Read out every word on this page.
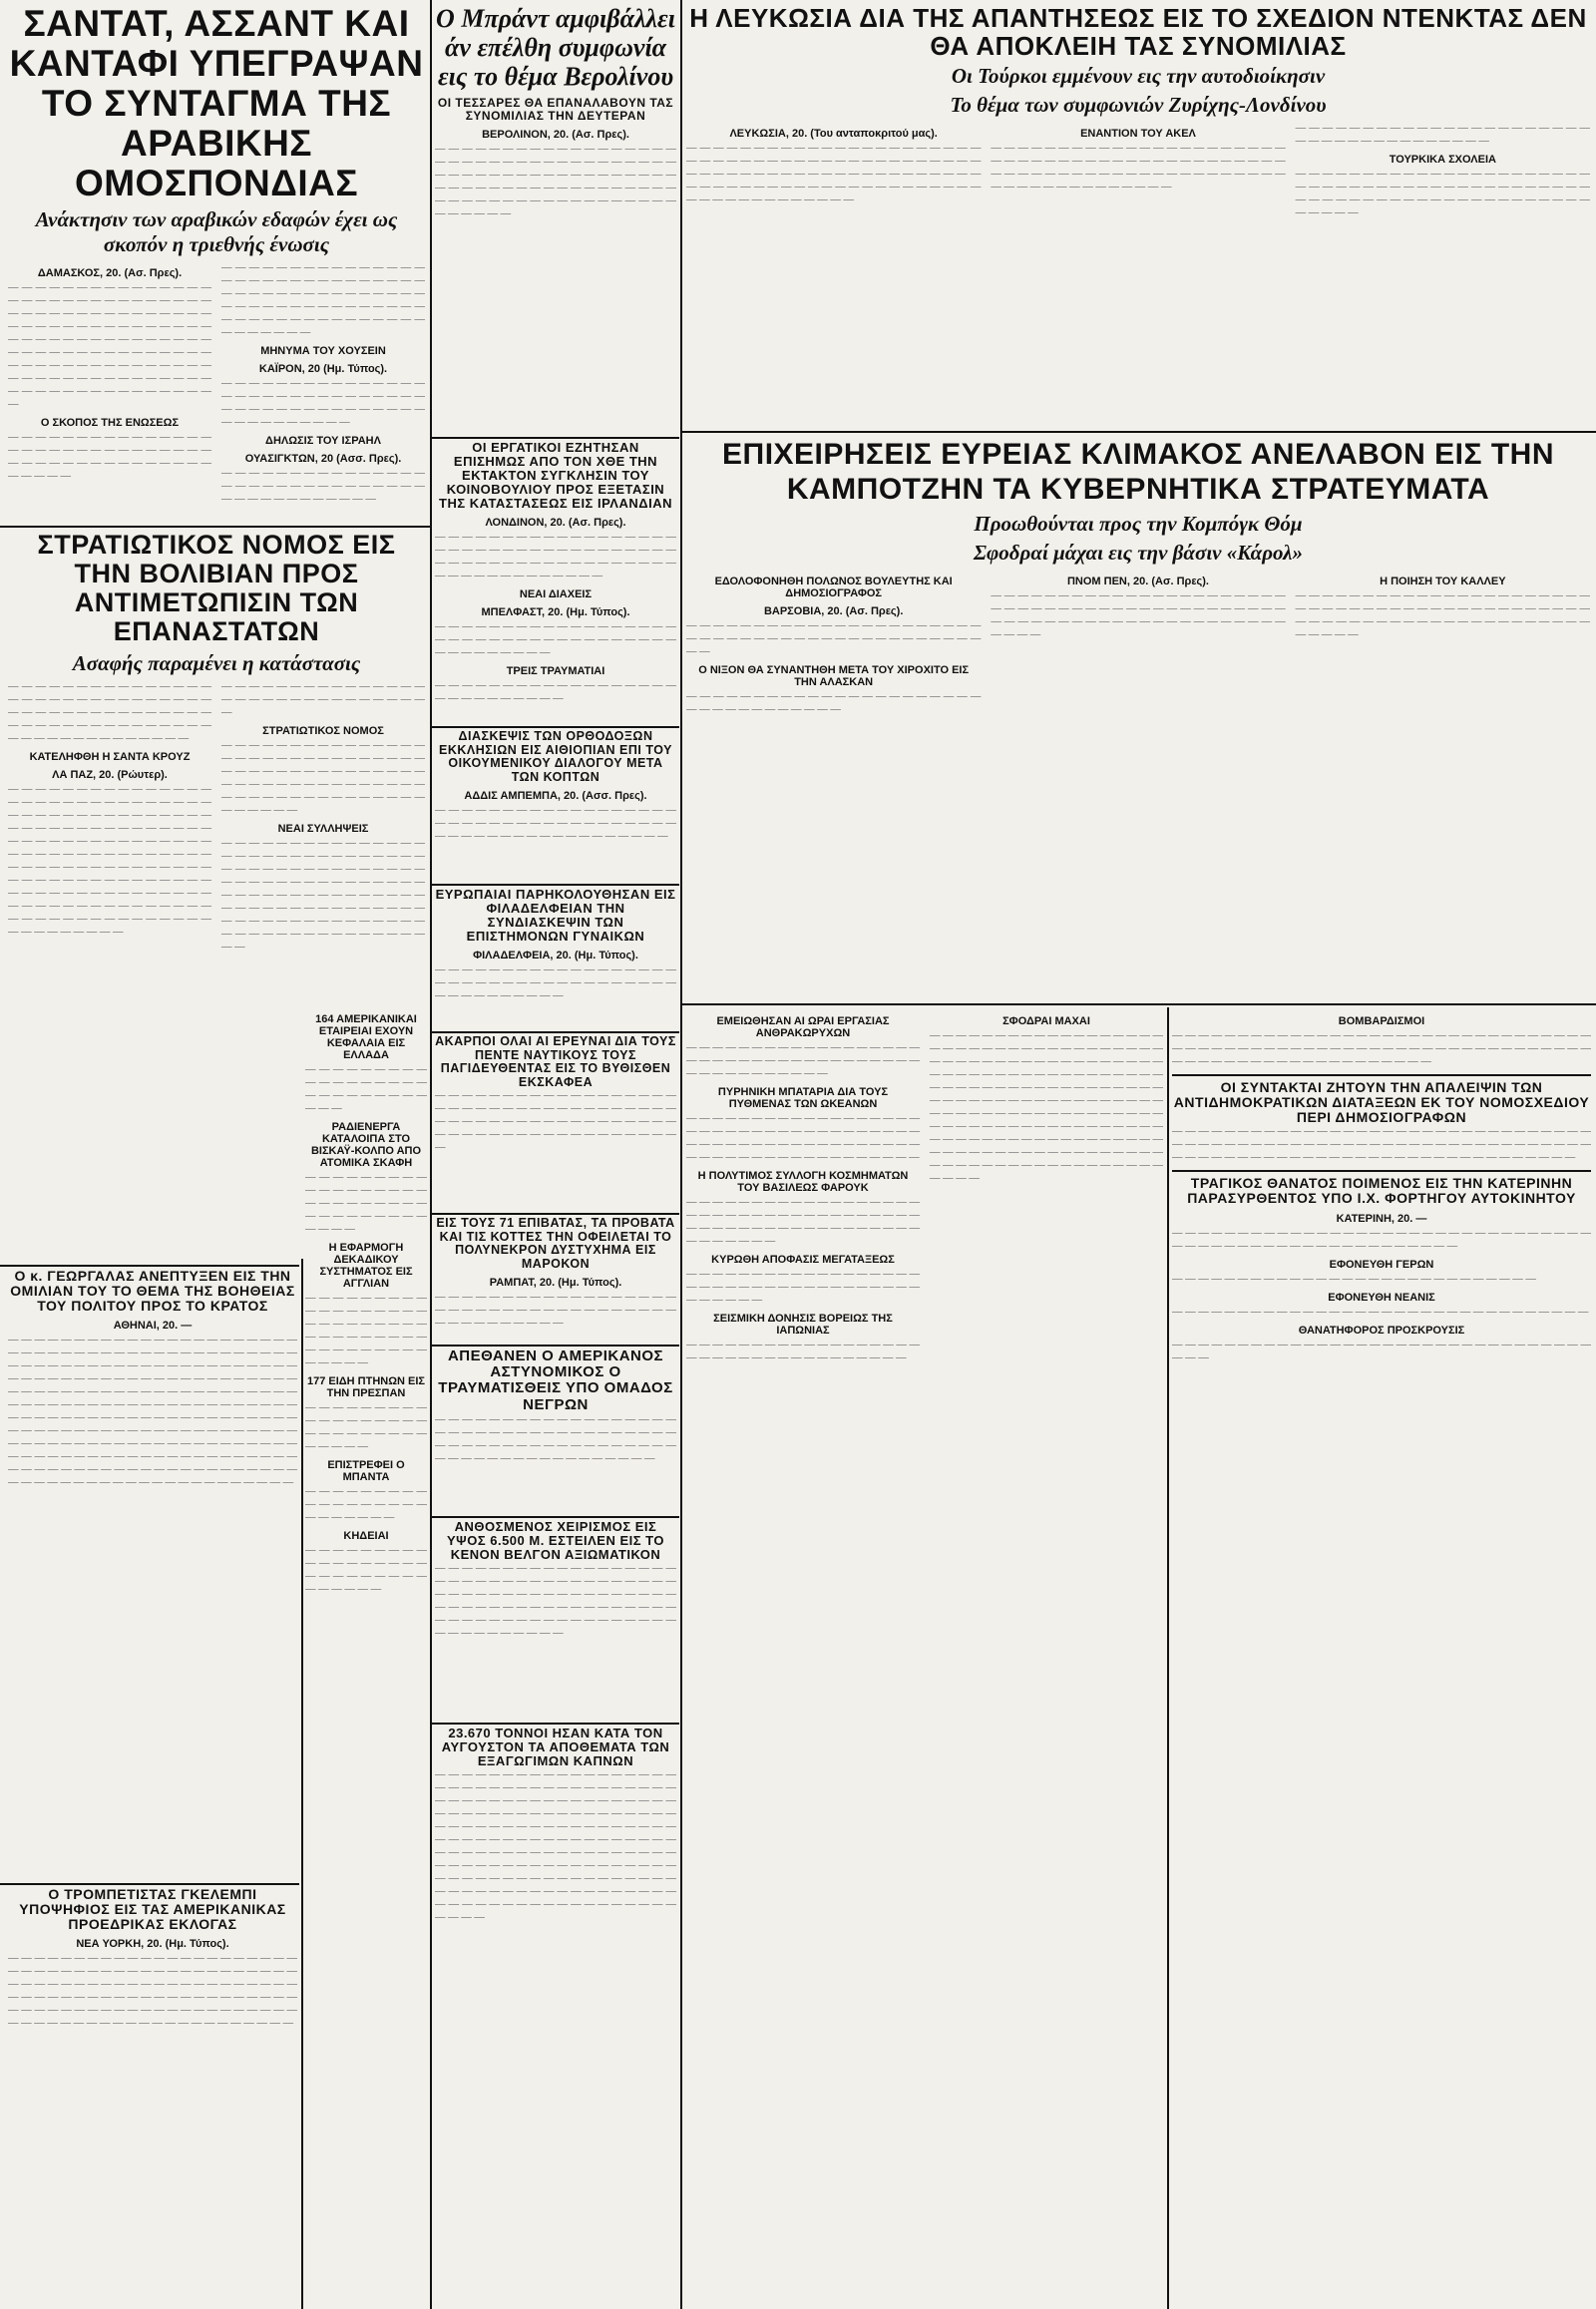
ΣΑΝΤΑΤ, ΑΣΣΑΝΤ ΚΑΙ ΚΑΝΤΑΦΙ ΥΠΕΓΡΑΨΑΝ ΤΟ ΣΥΝΤΑΓΜΑ ΤΗΣ ΑΡΑΒΙΚΗΣ ΟΜΟΣΠΟΝΔΙΑΣ
Ανάκτησιν των αραβικών εδαφών έχει ως σκοπόν η τριεθνής ένωσις
ΔΑΜΑΣΚΟΣ, 20. (Ασ. Πρες).

— — — — — — — — — — — — — — — — — — — — — — — — — — — — — — — — — — — — — — — — — — — — — — — — — — — — — — — — — — — — — — — — — — — — — — — — — — — — — — — — — — — — — — — — — — — — — — — — — — — — — — — — — — — — — — — — — — — — — — — — — — — — — — — — — — — — — — — —

Ο ΣΚΟΠΟΣ ΤΗΣ ΕΝΩΣΕΩΣ

— — — — — — — — — — — — — — — — — — — — — — — — — — — — — — — — — — — — — — — — — — — — — — — — — —

— — — — — — — — — — — — — — — — — — — — — — — — — — — — — — — — — — — — — — — — — — — — — — — — — — — — — — — — — — — — — — — — — — — — — — — — — — — — — — — — — —

ΜΗΝΥΜΑ ΤΟΥ ΧΟΥΣΕΙΝ
ΚΑΪΡΟΝ, 20 (Ημ. Τύπος).

— — — — — — — — — — — — — — — — — — — — — — — — — — — — — — — — — — — — — — — — — — — — — — — — — — — — — — —

ΔΗΛΩΣΙΣ ΤΟΥ ΙΣΡΑΗΛ
ΟΥΑΣΙΓΚΤΩΝ, 20 (Ασσ. Πρες).

— — — — — — — — — — — — — — — — — — — — — — — — — — — — — — — — — — — — — — — — — —

ΣΤΡΑΤΙΩΤΙΚΟΣ ΝΟΜΟΣ ΕΙΣ ΤΗΝ ΒΟΛΙΒΙΑΝ ΠΡΟΣ ΑΝΤΙΜΕΤΩΠΙΣΙΝ ΤΩΝ ΕΠΑΝΑΣΤΑΤΩΝ
Ασαφής παραμένει η κατάστασις

— — — — — — — — — — — — — — — — — — — — — — — — — — — — — — — — — — — — — — — — — — — — — — — — — — — — — — — — — — — — — — — — — — — — — — — — — —

ΚΑΤΕΛΗΦΘΗ Η ΣΑΝΤΑ ΚΡΟΥΖ
ΛΑ ΠΑΖ, 20. (Ρώυτερ).

— — — — — — — — — — — — — — — — — — — — — — — — — — — — — — — — — — — — — — — — — — — — — — — — — — — — — — — — — — — — — — — — — — — — — — — — — — — — — — — — — — — — — — — — — — — — — — — — — — — — — — — — — — — — — — — — — — — — — — — — — — — — — — — — — — — — — — — — — — — — — — — — — — — — — — — — — — — — — — — — — — — — — — — — — — — — — —

— — — — — — — — — — — — — — — — — — — — — — — — — — — — — — —

ΣΤΡΑΤΙΩΤΙΚΟΣ ΝΟΜΟΣ

— — — — — — — — — — — — — — — — — — — — — — — — — — — — — — — — — — — — — — — — — — — — — — — — — — — — — — — — — — — — — — — — — — — — — — — — — — — — — — — — —

ΝΕΑΙ ΣΥΛΛΗΨΕΙΣ

— — — — — — — — — — — — — — — — — — — — — — — — — — — — — — — — — — — — — — — — — — — — — — — — — — — — — — — — — — — — — — — — — — — — — — — — — — — — — — — — — — — — — — — — — — — — — — — — — — — — — — — — — — — — — — — — — — — — — — — — — —

Ο κ. ΓΕΩΡΓΑΛΑΣ ΑΝΕΠΤΥΞΕΝ ΕΙΣ ΤΗΝ ΟΜΙΛΙΑΝ ΤΟΥ ΤΟ ΘΕΜΑ ΤΗΣ ΒΟΗΘΕΙΑΣ ΤΟΥ ΠΟΛΙΤΟΥ ΠΡΟΣ ΤΟ ΚΡΑΤΟΣ
ΑΘΗΝΑΙ, 20. —

— — — — — — — — — — — — — — — — — — — — — — — — — — — — — — — — — — — — — — — — — — — — — — — — — — — — — — — — — — — — — — — — — — — — — — — — — — — — — — — — — — — — — — — — — — — — — — — — — — — — — — — — — — — — — — — — — — — — — — — — — — — — — — — — — — — — — — — — — — — — — — — — — — — — — — — — — — — — — — — — — — — — — — — — — — — — — — — — — — — — — — — — — — — — — — — — — — — — — — — — — — — — — — — — — — — — — — — — — — — — — — — — — — — — — — — — — — — — — — — — — — — — — — — — — — — — — — — — — — — — — — — —

164 ΑΜΕΡΙΚΑΝΙΚΑΙ ΕΤΑΙΡΕΙΑΙ ΕΧΟΥΝ ΚΕΦΑΛΑΙΑ ΕΙΣ ΕΛΛΑΔΑ

— — — — — — — — — — — — — — — — — — — — — — — — — — — — — —

ΡΑΔΙΕΝΕΡΓΑ ΚΑΤΑΛΟΙΠΑ ΣΤΟ ΒΙΣΚΑΫ-ΚΟΛΠΟ ΑΠΟ ΑΤΟΜΙΚΑ ΣΚΑΦΗ

— — — — — — — — — — — — — — — — — — — — — — — — — — — — — — — — — — — — — — — —

Η ΕΦΑΡΜΟΓΗ ΔΕΚΑΔΙΚΟΥ ΣΥΣΤΗΜΑΤΟΣ ΕΙΣ ΑΓΓΛΙΑΝ

— — — — — — — — — — — — — — — — — — — — — — — — — — — — — — — — — — — — — — — — — — — — — — — — — —

177 ΕΙΔΗ ΠΤΗΝΩΝ ΕΙΣ ΤΗΝ ΠΡΕΣΠΑΝ

— — — — — — — — — — — — — — — — — — — — — — — — — — — — — — — —

ΕΠΙΣΤΡΕΦΕΙ Ο ΜΠΑΝΤΑ

— — — — — — — — — — — — — — — — — — — — — — — — —

ΚΗΔΕΙΑΙ

— — — — — — — — — — — — — — — — — — — — — — — — — — — — — — — — —

Ο ΤΡΟΜΠΕΤΙΣΤΑΣ ΓΚΕΛΕΜΠΙ ΥΠΟΨΗΦΙΟΣ ΕΙΣ ΤΑΣ ΑΜΕΡΙΚΑΝΙΚΑΣ ΠΡΟΕΔΡΙΚΑΣ ΕΚΛΟΓΑΣ
ΝΕΑ ΥΟΡΚΗ, 20. (Ημ. Τύπος).

— — — — — — — — — — — — — — — — — — — — — — — — — — — — — — — — — — — — — — — — — — — — — — — — — — — — — — — — — — — — — — — — — — — — — — — — — — — — — — — — — — — — — — — — — — — — — — — — — — — — — — — — — — — — — — — — — — — — — — — — — — — — — — — — — — — —

Ο Μπράντ αμφιβάλλει άν επέλθη συμφωνία εις το θέμα Βερολίνου
ΟΙ ΤΕΣΣΑΡΕΣ ΘΑ ΕΠΑΝΑΛΑΒΟΥΝ ΤΑΣ ΣΥΝΟΜΙΛΙΑΣ ΤΗΝ ΔΕΥΤΕΡΑΝ
ΒΕΡΟΛΙΝΟΝ, 20. (Ασ. Πρες).

— — — — — — — — — — — — — — — — — — — — — — — — — — — — — — — — — — — — — — — — — — — — — — — — — — — — — — — — — — — — — — — — — — — — — — — — — — — — — — — — — — — — — — — — — — — — — — — —

ΟΙ ΕΡΓΑΤΙΚΟΙ ΕΖΗΤΗΣΑΝ ΕΠΙΣΗΜΩΣ ΑΠΟ ΤΟΝ ΧΘΕ ΤΗΝ ΕΚΤΑΚΤΟΝ ΣΥΓΚΛΗΣΙΝ ΤΟΥ ΚΟΙΝΟΒΟΥΛΙΟΥ ΠΡΟΣ ΕΞΕΤΑΣΙΝ ΤΗΣ ΚΑΤΑΣΤΑΣΕΩΣ ΕΙΣ ΙΡΛΑΝΔΙΑΝ
ΛΟΝΔΙΝΟΝ, 20. (Ασ. Πρες).

— — — — — — — — — — — — — — — — — — — — — — — — — — — — — — — — — — — — — — — — — — — — — — — — — — — — — — — — — — — — — — — — — — —

ΝΕΑΙ ΔΙΑΧΕΙΣ
ΜΠΕΛΦΑΣΤ, 20. (Ημ. Τύπος).

— — — — — — — — — — — — — — — — — — — — — — — — — — — — — — — — — — — — — — — — — — — — —

ΤΡΕΙΣ ΤΡΑΥΜΑΤΙΑΙ

— — — — — — — — — — — — — — — — — — — — — — — — — — — —

ΔΙΑΣΚΕΨΙΣ ΤΩΝ ΟΡΘΟΔΟΞΩΝ ΕΚΚΛΗΣΙΩΝ ΕΙΣ ΑΙΘΙΟΠΙΑΝ ΕΠΙ ΤΟΥ ΟΙΚΟΥΜΕΝΙΚΟΥ ΔΙΑΛΟΓΟΥ ΜΕΤΑ ΤΩΝ ΚΟΠΤΩΝ
ΑΔΔΙΣ ΑΜΠΕΜΠΑ, 20. (Ασσ. Πρες).

— — — — — — — — — — — — — — — — — — — — — — — — — — — — — — — — — — — — — — — — — — — — — — — — — — — — — —

ΕΥΡΩΠΑΙΑΙ ΠΑΡΗΚΟΛΟΥΘΗΣΑΝ ΕΙΣ ΦΙΛΑΔΕΛΦΕΙΑΝ ΤΗΝ ΣΥΝΔΙΑΣΚΕΨΙΝ ΤΩΝ ΕΠΙΣΤΗΜΟΝΩΝ ΓΥΝΑΙΚΩΝ
ΦΙΛΑΔΕΛΦΕΙΑ, 20. (Ημ. Τύπος).

— — — — — — — — — — — — — — — — — — — — — — — — — — — — — — — — — — — — — — — — — — — — — —

ΑΚΑΡΠΟΙ ΟΛΑΙ ΑΙ ΕΡΕΥΝΑΙ ΔΙΑ ΤΟΥΣ ΠΕΝΤΕ ΝΑΥΤΙΚΟΥΣ ΤΟΥΣ ΠΑΓΙΔΕΥΘΕΝΤΑΣ ΕΙΣ ΤΟ ΒΥΘΙΣΘΕΝ ΕΚΣΚΑΦΕΑ

— — — — — — — — — — — — — — — — — — — — — — — — — — — — — — — — — — — — — — — — — — — — — — — — — — — — — — — — — — — — — — — — — — — — — — — — —

ΕΙΣ ΤΟΥΣ 71 ΕΠΙΒΑΤΑΣ, ΤΑ ΠΡΟΒΑΤΑ ΚΑΙ ΤΙΣ ΚΟΤΤΕΣ ΤΗΝ ΟΦΕΙΛΕΤΑΙ ΤΟ ΠΟΛΥΝΕΚΡΟΝ ΔΥΣΤΥΧΗΜΑ ΕΙΣ ΜΑΡΟΚΟΝ
ΡΑΜΠΑΤ, 20. (Ημ. Τύπος).

— — — — — — — — — — — — — — — — — — — — — — — — — — — — — — — — — — — — — — — — — — — — — —

ΑΠΕΘΑΝΕΝ Ο ΑΜΕΡΙΚΑΝΟΣ ΑΣΤΥΝΟΜΙΚΟΣ Ο ΤΡΑΥΜΑΤΙΣΘΕΙΣ ΥΠΟ ΟΜΑΔΟΣ ΝΕΓΡΩΝ

— — — — — — — — — — — — — — — — — — — — — — — — — — — — — — — — — — — — — — — — — — — — — — — — — — — — — — — — — — — — — — — — — — — — — — —

ΑΝΘΟΣΜΕΝΟΣ ΧΕΙΡΙΣΜΟΣ ΕΙΣ ΥΨΟΣ 6.500 Μ. ΕΣΤΕΙΛΕΝ ΕΙΣ ΤΟ ΚΕΝΟΝ ΒΕΛΓΟΝ ΑΞΙΩΜΑΤΙΚΟΝ

— — — — — — — — — — — — — — — — — — — — — — — — — — — — — — — — — — — — — — — — — — — — — — — — — — — — — — — — — — — — — — — — — — — — — — — — — — — — — — — — — — — — — — — — — — — — — — — — — — — —

23.670 ΤΟΝΝΟΙ ΗΣΑΝ ΚΑΤΑ ΤΟΝ ΑΥΓΟΥΣΤΟΝ ΤΑ ΑΠΟΘΕΜΑΤΑ ΤΩΝ ΕΞΑΓΩΓΙΜΩΝ ΚΑΠΝΩΝ

— — — — — — — — — — — — — — — — — — — — — — — — — — — — — — — — — — — — — — — — — — — — — — — — — — — — — — — — — — — — — — — — — — — — — — — — — — — — — — — — — — — — — — — — — — — — — — — — — — — — — — — — — — — — — — — — — — — — — — — — — — — — — — — — — — — — — — — — — — — — — — — — — — — — — — — — — — — — — — — — — — — — — — — — — — — — — — — — — — — — — — — — — — — — — — — — — — — — — — — — — —

Η ΛΕΥΚΩΣΙΑ ΔΙΑ ΤΗΣ ΑΠΑΝΤΗΣΕΩΣ ΕΙΣ ΤΟ ΣΧΕΔΙΟΝ ΝΤΕΝΚΤΑΣ ΔΕΝ ΘΑ ΑΠΟΚΛΕΙΗ ΤΑΣ ΣΥΝΟΜΙΛΙΑΣ
Οι Τούρκοι εμμένουν εις την αυτοδιοίκησιν
Το θέμα των συμφωνιών Ζυρίχης-Λονδίνου
ΛΕΥΚΩΣΙΑ, 20. (Του ανταποκριτού μας).

— — — — — — — — — — — — — — — — — — — — — — — — — — — — — — — — — — — — — — — — — — — — — — — — — — — — — — — — — — — — — — — — — — — — — — — — — — — — — — — — — — — — — — — — — — — — — — — — — — — — —

ΕΝΑΝΤΙΟΝ ΤΟΥ ΑΚΕΛ

— — — — — — — — — — — — — — — — — — — — — — — — — — — — — — — — — — — — — — — — — — — — — — — — — — — — — — — — — — — — — — — — — — — — — — — — — — — — — — — —

— — — — — — — — — — — — — — — — — — — — — — — — — — — — — — — — — — — — —

ΤΟΥΡΚΙΚΑ ΣΧΟΛΕΙΑ

— — — — — — — — — — — — — — — — — — — — — — — — — — — — — — — — — — — — — — — — — — — — — — — — — — — — — — — — — — — — — — — — — — — — — — —

ΕΠΙΧΕΙΡΗΣΕΙΣ ΕΥΡΕΙΑΣ ΚΛΙΜΑΚΟΣ ΑΝΕΛΑΒΟΝ ΕΙΣ ΤΗΝ ΚΑΜΠΟΤΖΗΝ ΤΑ ΚΥΒΕΡΝΗΤΙΚΑ ΣΤΡΑΤΕΥΜΑΤΑ
Προωθούνται προς την Κομπόγκ Θόμ
Σφοδραί μάχαι εις την βάσιν «Κάρολ»
ΕΔΟΛΟΦΟΝΗΘΗ ΠΟΛΩΝΟΣ ΒΟΥΛΕΥΤΗΣ ΚΑΙ ΔΗΜΟΣΙΟΓΡΑΦΟΣ
ΒΑΡΣΟΒΙΑ, 20. (Ασ. Πρες).

— — — — — — — — — — — — — — — — — — — — — — — — — — — — — — — — — — — — — — — — — — — — — —

Ο ΝΙΞΟΝ ΘΑ ΣΥΝΑΝΤΗΘΗ ΜΕΤΑ ΤΟΥ ΧΙΡΟΧΙΤΟ ΕΙΣ ΤΗΝ ΑΛΑΣΚΑΝ

— — — — — — — — — — — — — — — — — — — — — — — — — — — — — — — — — —

ΠΝΟΜ ΠΕΝ, 20. (Ασ. Πρες).

— — — — — — — — — — — — — — — — — — — — — — — — — — — — — — — — — — — — — — — — — — — — — — — — — — — — — — — — — — — — — — — — — — — — — —

Η ΠΟΙΗΣΗ ΤΟΥ ΚΑΛΛΕΥ

— — — — — — — — — — — — — — — — — — — — — — — — — — — — — — — — — — — — — — — — — — — — — — — — — — — — — — — — — — — — — — — — — — — — — — —

ΕΜΕΙΩΘΗΣΑΝ ΑΙ ΩΡΑΙ ΕΡΓΑΣΙΑΣ ΑΝΘΡΑΚΩΡΥΧΩΝ

— — — — — — — — — — — — — — — — — — — — — — — — — — — — — — — — — — — — — — — — — — — — — — —

ΠΥΡΗΝΙΚΗ ΜΠΑΤΑΡΙΑ ΔΙΑ ΤΟΥΣ ΠΥΘΜΕΝΑΣ ΤΩΝ ΩΚΕΑΝΩΝ

— — — — — — — — — — — — — — — — — — — — — — — — — — — — — — — — — — — — — — — — — — — — — — — — — — — — — — — — — — — — — — — — — — — — — — — —

Η ΠΟΛΥΤΙΜΟΣ ΣΥΛΛΟΓΗ ΚΟΣΜΗΜΑΤΩΝ ΤΟΥ ΒΑΣΙΛΕΩΣ ΦΑΡΟΥΚ

— — — — — — — — — — — — — — — — — — — — — — — — — — — — — — — — — — — — — — — — — — — — — — — — — — — — — — — — — — — — —

ΚΥΡΩΘΗ ΑΠΟΦΑΣΙΣ ΜΕΓΑΤΑΞΕΩΣ

— — — — — — — — — — — — — — — — — — — — — — — — — — — — — — — — — — — — — — — — — —

ΣΕΙΣΜΙΚΗ ΔΟΝΗΣΙΣ ΒΟΡΕΙΩΣ ΤΗΣ ΙΑΠΩΝΙΑΣ

— — — — — — — — — — — — — — — — — — — — — — — — — — — — — — — — — — —

ΣΦΟΔΡΑΙ ΜΑΧΑΙ

— — — — — — — — — — — — — — — — — — — — — — — — — — — — — — — — — — — — — — — — — — — — — — — — — — — — — — — — — — — — — — — — — — — — — — — — — — — — — — — — — — — — — — — — — — — — — — — — — — — — — — — — — — — — — — — — — — — — — — — — — — — — — — — — — — — — — — — — — — — — — — — — — — — — — — — — — — — — — — — — — — — — — — — — — — — — — — — — — — — — — — — — — — — — — — — — — — — — — — — — — —

ΒΟΜΒΑΡΔΙΣΜΟΙ

— — — — — — — — — — — — — — — — — — — — — — — — — — — — — — — — — — — — — — — — — — — — — — — — — — — — — — — — — — — — — — — — — — — — — — — — — — — — — — — — — — — —

ΟΙ ΣΥΝΤΑΚΤΑΙ ΖΗΤΟΥΝ ΤΗΝ ΑΠΑΛΕΙΨΙΝ ΤΩΝ ΑΝΤΙΔΗΜΟΚΡΑΤΙΚΩΝ ΔΙΑΤΑΞΕΩΝ ΕΚ ΤΟΥ ΝΟΜΟΣΧΕΔΙΟΥ ΠΕΡΙ ΔΗΜΟΣΙΟΓΡΑΦΩΝ

— — — — — — — — — — — — — — — — — — — — — — — — — — — — — — — — — — — — — — — — — — — — — — — — — — — — — — — — — — — — — — — — — — — — — — — — — — — — — — — — — — — — — — — — — — — — — — —

ΤΡΑΓΙΚΟΣ ΘΑΝΑΤΟΣ ΠΟΙΜΕΝΟΣ ΕΙΣ ΤΗΝ ΚΑΤΕΡΙΝΗΝ ΠΑΡΑΣΥΡΘΕΝΤΟΣ ΥΠΟ Ι.Χ. ΦΟΡΤΗΓΟΥ ΑΥΤΟΚΙΝΗΤΟΥ
ΚΑΤΕΡΙΝΗ, 20. —

— — — — — — — — — — — — — — — — — — — — — — — — — — — — — — — — — — — — — — — — — — — — — — — — — — — — — —

ΕΦΟΝΕΥΘΗ ΓΕΡΩΝ

— — — — — — — — — — — — — — — — — — — — — — — — — — — —

ΕΦΟΝΕΥΘΗ ΝΕΑΝΙΣ

— — — — — — — — — — — — — — — — — — — — — — — — — — — — — — — —

ΘΑΝΑΤΗΦΟΡΟΣ ΠΡΟΣΚΡΟΥΣΙΣ

— — — — — — — — — — — — — — — — — — — — — — — — — — — — — — — — — — —
